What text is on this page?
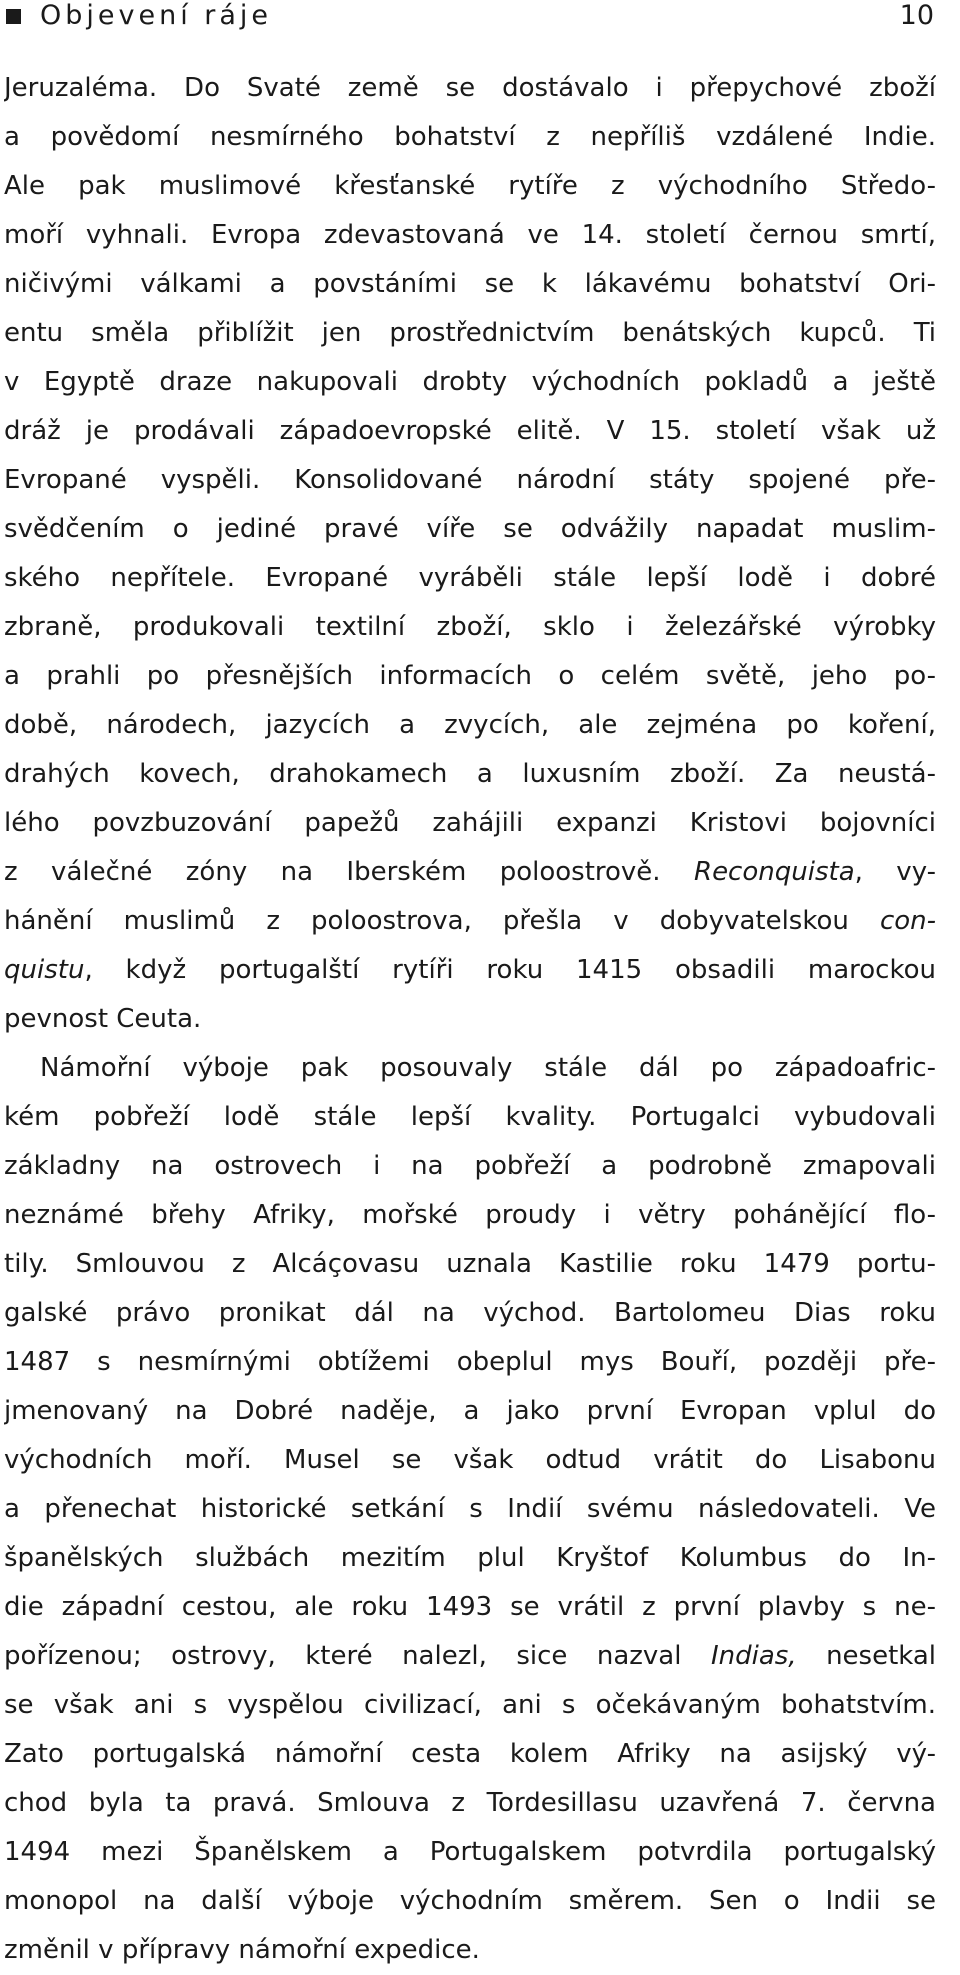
Objevení ráje	10
Jeruzaléma. Do Svaté země se dostávalo i přepychové zboží
a povědomí nesmírného bohatství z nepříliš vzdálené Indie.
Ale pak muslimové křesťanské rytíře z východního Středo-
moří vyhnali. Evropa zdevastovaná ve 14. století černou smrtí,
ničivými válkami a povstáními se k lákavému bohatství Ori-
entu směla přiblížit jen prostřednictvím benátských kupců. Ti
v Egyptě draze nakupovali drobty východních pokladů a ještě
dráž je prodávali západoevropské elitě. V 15. století však už
Evropané vyspěli. Konsolidované národní státy spojené pře-
svědčením o jediné pravé víře se odvážily napadat muslim-
ského nepřítele. Evropané vyráběli stále lepší lodě i dobré
zbraně, produkovali textilní zboží, sklo i železářské výrobky
a prahli po přesnějších informacích o celém světě, jeho po-
době, národech, jazycích a zvycích, ale zejména po koření,
drahých kovech, drahokamech a luxusním zboží. Za neustá-
lého povzbuzování papežů zahájili expanzi Kristovi bojovníci
z válečné zóny na Iberském poloostrově. Reconquista, vy-
hánění muslimů z poloostrova, přešla v dobyvatelskou con-
quistu, když portugalští rytíři roku 1415 obsadili marockou
pevnost Ceuta.
Námořní výboje pak posouvaly stále dál po západoafric-
kém pobřeží lodě stále lepší kvality. Portugalci vybudovali
základny na ostrovech i na pobřeží a podrobně zmapovali
neznámé břehy Afriky, mořské proudy i větry pohánějící flo-
tily. Smlouvou z Alcáçovasu uznala Kastilie roku 1479 portu-
galské právo pronikat dál na východ. Bartolomeu Dias roku
1487 s nesmírnými obtížemi obeplul mys Bouří, později pře-
jmenovaný na Dobré naděje, a jako první Evropan vplul do
východních moří. Musel se však odtud vrátit do Lisabonu
a přenechat historické setkání s Indií svému následovateli. Ve
španělských službách mezitím plul Kryštof Kolumbus do In-
die západní cestou, ale roku 1493 se vrátil z první plavby s ne-
pořízenou; ostrovy, které nalezl, sice nazval Indias, nesetkal
se však ani s vyspělou civilizací, ani s očekávaným bohatstvím.
Zato portugalská námořní cesta kolem Afriky na asijský vý-
chod byla ta pravá. Smlouva z Tordesillasu uzavřená 7. června
1494 mezi Španělskem a Portugalskem potvrdila portugalský
monopol na další výboje východním směrem. Sen o Indii se
změnil v přípravy námořní expedice.
